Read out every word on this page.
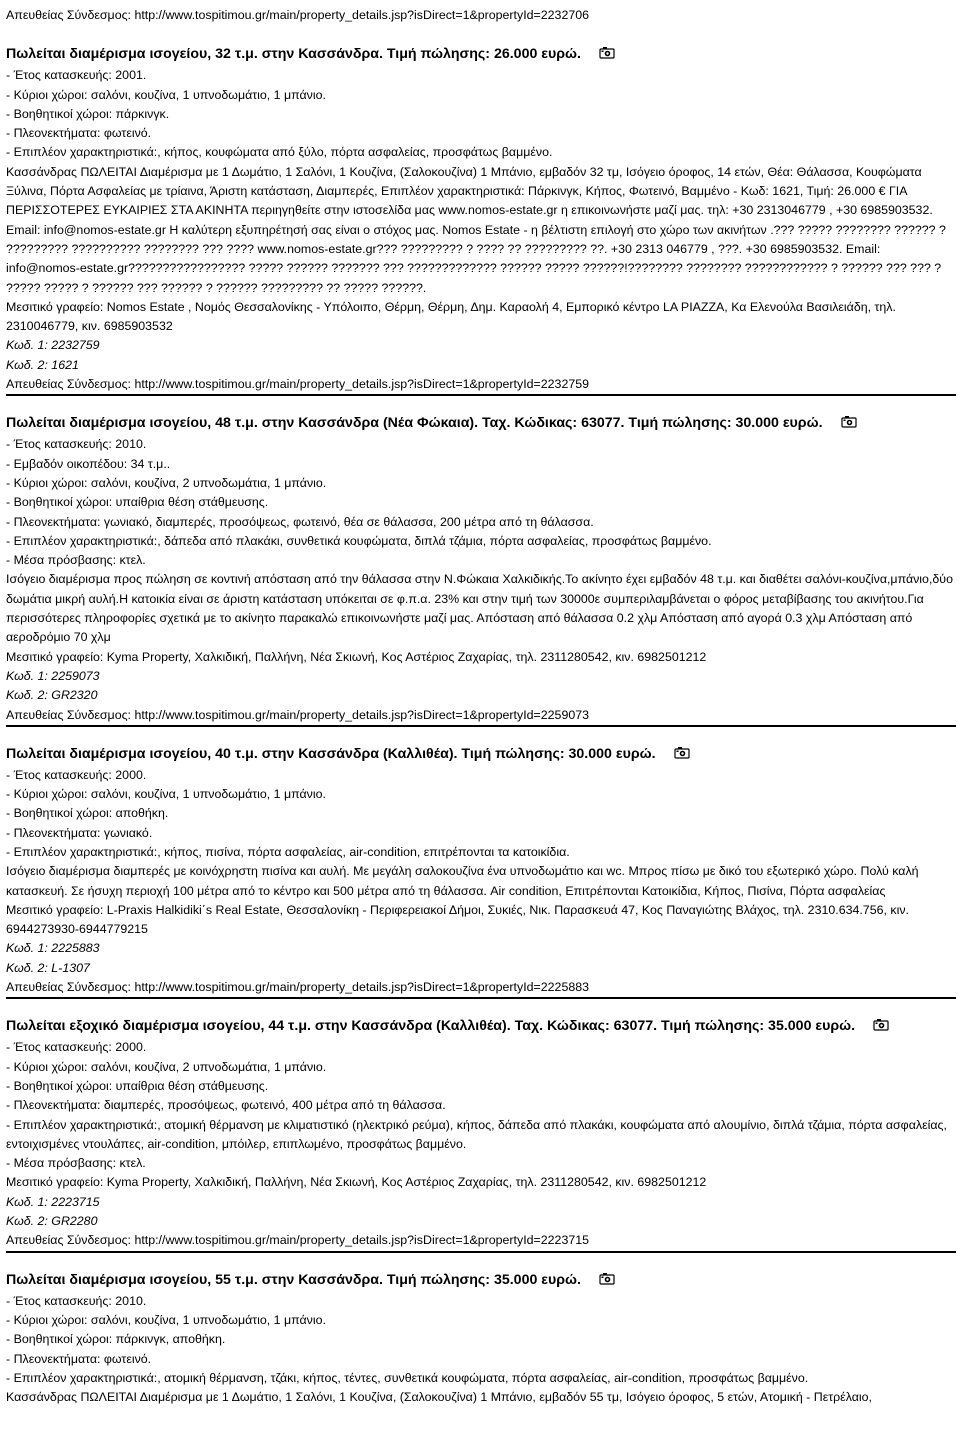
Απευθείας Σύνδεσμος: http://www.tospitimou.gr/main/property_details.jsp?isDirect=1&propertyId=2232706
Πωλείται διαμέρισμα ισογείου, 32 τ.μ. στην Κασσάνδρα. Τιμή πώλησης: 26.000 ευρώ.
- Έτος κατασκευής: 2001.
- Κύριοι χώροι: σαλόνι, κουζίνα, 1 υπνοδωμάτιο, 1 μπάνιο.
- Βοηθητικοί χώροι: πάρκινγκ.
- Πλεονεκτήματα: φωτεινό.
- Επιπλέον χαρακτηριστικά:, κήπος, κουφώματα από ξύλο, πόρτα ασφαλείας, προσφάτως βαμμένο.
Κασσάνδρας ΠΩΛΕΙΤΑΙ Διαμέρισμα με 1 Δωμάτιο, 1 Σαλόνι, 1 Κουζίνα, (Σαλοκουζίνα) 1 Μπάνιο, εμβαδόν 32 τμ, Ισόγειο όροφος, 14 ετών, Θέα: Θάλασσα, Κουφώματα Ξύλινα, Πόρτα Ασφαλείας με τρίαινα, Άριστη κατάσταση, Διαμπερές, Επιπλέον χαρακτηριστικά: Πάρκινγκ, Κήπος, Φωτεινό, Βαμμένο - Κωδ: 1621, Τιμή: 26.000 € ΓΙΑ ΠΕΡΙΣΣΟΤΕΡΕΣ ΕΥΚΑΙΡΙΕΣ ΣΤΑ ΑΚΙΝΗΤΑ περιηγηθείτε στην ιστοσελίδα μας www.nomos-estate.gr η επικοινωνήστε μαζί μας. τηλ: +30 2313046779 , +30 6985903532. Email: info@nomos-estate.gr Η καλύτερη εξυπηρέτησή σας είναι ο στόχος μας. Nomos Estate - η βέλτιστη επιλογή στο χώρο των ακινήτων .??? ????? ???????? ?????? ? ????????? ?????????? ???????? ??? ???? www.nomos-estate.gr??? ????????? ? ???? ?? ????????? ??. +30 2313 046779 , ???. +30 6985903532. Email: info@nomos-estate.gr????????????????? ????? ?????? ??????? ??? ????????????? ?????? ????? ??????!???????? ???????? ???????????? ? ?????? ??? ??? ? ????? ????? ? ?????? ??? ?????? ? ?????? ????????? ?? ????? ??????.
Μεσιτικό γραφείο: Nomos Estate , Νομός Θεσσαλονίκης - Υπόλοιπο, Θέρμη, Θέρμη, Δημ. Καραολή 4, Εμπορικό κέντρο LA PIAZZA, Κα Ελενούλα Βασιλειάδη, τηλ. 2310046779, κιν. 6985903532
Κωδ. 1: 2232759
Κωδ. 2: 1621
Απευθείας Σύνδεσμος: http://www.tospitimou.gr/main/property_details.jsp?isDirect=1&propertyId=2232759
Πωλείται διαμέρισμα ισογείου, 48 τ.μ. στην Κασσάνδρα (Νέα Φώκαια). Ταχ. Κώδικας: 63077. Τιμή πώλησης: 30.000 ευρώ.
- Έτος κατασκευής: 2010.
- Εμβαδόν οικοπέδου: 34 τ.μ..
- Κύριοι χώροι: σαλόνι, κουζίνα, 2 υπνοδωμάτια, 1 μπάνιο.
- Βοηθητικοί χώροι: υπαίθρια θέση στάθμευσης.
- Πλεονεκτήματα: γωνιακό, διαμπερές, προσόψεως, φωτεινό, θέα σε θάλασσα, 200 μέτρα από τη θάλασσα.
- Επιπλέον χαρακτηριστικά:, δάπεδα από πλακάκι, συνθετικά κουφώματα, διπλά τζάμια, πόρτα ασφαλείας, προσφάτως βαμμένο.
- Μέσα πρόσβασης: κτελ.
Ισόγειο διαμέρισμα προς πώληση σε κοντινή απόσταση από την θάλασσα στην Ν.Φώκαια Χαλκιδικής.Το ακίνητο έχει εμβαδόν 48 τ.μ. και διαθέτει σαλόνι-κουζίνα,μπάνιο,δύο δωμάτια μικρή αυλή.Η κατοικία είναι σε άριστη κατάσταση υπόκειται σε φ.π.α. 23% και στην τιμή των 30000ε συμπεριλαμβάνεται ο φόρος μεταβίβασης του ακινήτου.Για περισσότερες πληροφορίες σχετικά με το ακίνητο παρακαλώ επικοινωνήστε μαζί μας. Απόσταση από θάλασσα 0.2 χλμ Απόσταση από αγορά 0.3 χλμ Απόσταση από αεροδρόμιο 70 χλμ
Μεσιτικό γραφείο: Kyma Property, Χαλκιδική, Παλλήνη, Νέα Σκιωνή, Κος Αστέριος Ζαχαρίας, τηλ. 2311280542, κιν. 6982501212
Κωδ. 1: 2259073
Κωδ. 2: GR2320
Απευθείας Σύνδεσμος: http://www.tospitimou.gr/main/property_details.jsp?isDirect=1&propertyId=2259073
Πωλείται διαμέρισμα ισογείου, 40 τ.μ. στην Κασσάνδρα (Καλλιθέα). Τιμή πώλησης: 30.000 ευρώ.
- Έτος κατασκευής: 2000.
- Κύριοι χώροι: σαλόνι, κουζίνα, 1 υπνοδωμάτιο, 1 μπάνιο.
- Βοηθητικοί χώροι: αποθήκη.
- Πλεονεκτήματα: γωνιακό.
- Επιπλέον χαρακτηριστικά:, κήπος, πισίνα, πόρτα ασφαλείας, air-condition, επιτρέπονται τα κατοικίδια.
Ισόγειο διαμέρισμα διαμπερές με κοινόχρηστη πισίνα και αυλή. Με μεγάλη σαλοκουζίνα ένα υπνοδωμάτιο και wc. Μπρος πίσω με δικό του εξωτερικό χώρο. Πολύ καλή κατασκευή. Σε ήσυχη περιοχή 100 μέτρα από το κέντρο και 500 μέτρα από τη θάλασσα. Air condition, Επιτρέπονται Κατοικίδια, Κήπος, Πισίνα, Πόρτα ασφαλείας
Μεσιτικό γραφείο: L-Praxis Halkidiki΄s Real Estate, Θεσσαλονίκη - Περιφερειακοί Δήμοι, Συκιές, Νικ. Παρασκευά 47, Κος Παναγιώτης Βλάχος, τηλ. 2310.634.756, κιν. 6944273930-6944779215
Κωδ. 1: 2225883
Κωδ. 2: L-1307
Απευθείας Σύνδεσμος: http://www.tospitimou.gr/main/property_details.jsp?isDirect=1&propertyId=2225883
Πωλείται εξοχικό διαμέρισμα ισογείου, 44 τ.μ. στην Κασσάνδρα (Καλλιθέα). Ταχ. Κώδικας: 63077. Τιμή πώλησης: 35.000 ευρώ.
- Έτος κατασκευής: 2000.
- Κύριοι χώροι: σαλόνι, κουζίνα, 2 υπνοδωμάτια, 1 μπάνιο.
- Βοηθητικοί χώροι: υπαίθρια θέση στάθμευσης.
- Πλεονεκτήματα: διαμπερές, προσόψεως, φωτεινό, 400 μέτρα από τη θάλασσα.
- Επιπλέον χαρακτηριστικά:, ατομική θέρμανση με κλιματιστικό (ηλεκτρικό ρεύμα), κήπος, δάπεδα από πλακάκι, κουφώματα από αλουμίνιο, διπλά τζάμια, πόρτα ασφαλείας, εντοιχισμένες ντουλάπες, air-condition, μπόιλερ, επιπλωμένο, προσφάτως βαμμένο.
- Μέσα πρόσβασης: κτελ.
Μεσιτικό γραφείο: Kyma Property, Χαλκιδική, Παλλήνη, Νέα Σκιωνή, Κος Αστέριος Ζαχαρίας, τηλ. 2311280542, κιν. 6982501212
Κωδ. 1: 2223715
Κωδ. 2: GR2280
Απευθείας Σύνδεσμος: http://www.tospitimou.gr/main/property_details.jsp?isDirect=1&propertyId=2223715
Πωλείται διαμέρισμα ισογείου, 55 τ.μ. στην Κασσάνδρα. Τιμή πώλησης: 35.000 ευρώ.
- Έτος κατασκευής: 2010.
- Κύριοι χώροι: σαλόνι, κουζίνα, 1 υπνοδωμάτιο, 1 μπάνιο.
- Βοηθητικοί χώροι: πάρκινγκ, αποθήκη.
- Πλεονεκτήματα: φωτεινό.
- Επιπλέον χαρακτηριστικά:, ατομική θέρμανση, τζάκι, κήπος, τέντες, συνθετικά κουφώματα, πόρτα ασφαλείας, air-condition, προσφάτως βαμμένο.
Κασσάνδρας ΠΩΛΕΙΤΑΙ Διαμέρισμα με 1 Δωμάτιο, 1 Σαλόνι, 1 Κουζίνα, (Σαλοκουζίνα) 1 Μπάνιο, εμβαδόν 55 τμ, Ισόγειο όροφος, 5 ετών, Ατομική - Πετρέλαιο,
